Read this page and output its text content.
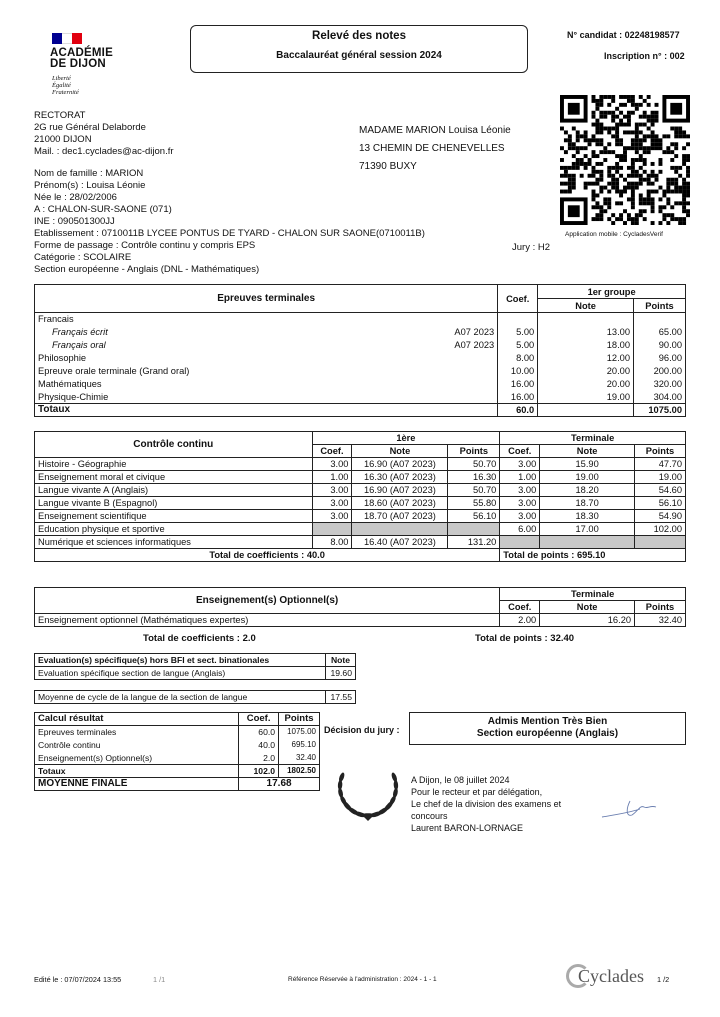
ACADÉMIE
DE DIJON
Liberté
Égalité
Fraternité
Relevé des notes
Baccalauréat général session 2024
N° candidat : 02248198577
Inscription n° : 002
RECTORAT
2G rue Général Delaborde
21000 DIJON
Mail. : dec1.cyclades@ac-dijon.fr
MADAME MARION Louisa Léonie
13 CHEMIN DE CHENEVELLES
71390 BUXY
Application mobile : CycladesVerif
Nom de famille : MARION
Prénom(s) : Louisa Léonie
Née le : 28/02/2006
A : CHALON-SUR-SAONE (071)
INE : 090501300JJ
Etablissement : 0710011B LYCEE PONTUS DE TYARD - CHALON SUR SAONE(0710011B)
Forme de passage : Contrôle continu y compris EPS
Catégorie : SCOLAIRE
Section européenne - Anglais (DNL - Mathématiques)
Jury : H2
Epreuves terminales	Coef.	1er groupe	
		Note	Points
Francais

Français écrit A07 2023	5.00	13.00	65.00
Français oral A07 2023	5.00	18.00	90.00
Philosophie	8.00	12.00	96.00
Epreuve orale terminale (Grand oral)	10.00	20.00	200.00
Mathématiques	16.00	20.00	320.00
Physique-Chimie	16.00	19.00	304.00
Totaux	60.0		1075.00
Contrôle continu	1ère			Terminale		
	Coef.	Note	Points	Coef.	Note	Points
Histoire - Géographie	3.00	16.90 (A07 2023)	50.70	3.00	15.90	47.70
Enseignement moral et civique	1.00	16.30 (A07 2023)	16.30	1.00	19.00	19.00
Langue vivante A (Anglais)	3.00	16.90 (A07 2023)	50.70	3.00	18.20	54.60
Langue vivante B (Espagnol)	3.00	18.60 (A07 2023)	55.80	3.00	18.70	56.10
Enseignement scientifique	3.00	18.70 (A07 2023)	56.10	3.00	18.30	54.90
Education physique et sportive				6.00	17.00	102.00
Numérique et sciences informatiques	8.00	16.40 (A07 2023)	131.20			
Total de coefficients : 40.0				Total de points : 695.10		
Enseignement(s) Optionnel(s)	Terminale		
	Coef.	Note	Points
Enseignement optionnel (Mathématiques expertes)	2.00	16.20	32.40
Total de coefficients : 2.0	Total de points : 32.40
Evaluation(s) spécifique(s) hors BFI et sect. binationales	Note
Evaluation spécifique section de langue (Anglais)	19.60
Moyenne de cycle de la langue de la section de langue	17.55
Calcul résultat	Coef.	Points
Epreuves terminales	60.0	1075.00
Contrôle continu	40.0	695.10
Enseignement(s) Optionnel(s)	2.0	32.40
Totaux	102.0	1802.50
MOYENNE FINALE	17.68	
Décision du jury :
Admis Mention Très Bien
Section européenne (Anglais)
A Dijon, le 08 juillet 2024
Pour le recteur et par délégation,
Le chef de la division des examens et
concours
Laurent BARON-LORNAGE
Edité le : 07/07/2024 13:55	1 /1	Référence Réservée à l'administration : 2024 - 1 - 1	Cyclades 1 /2
